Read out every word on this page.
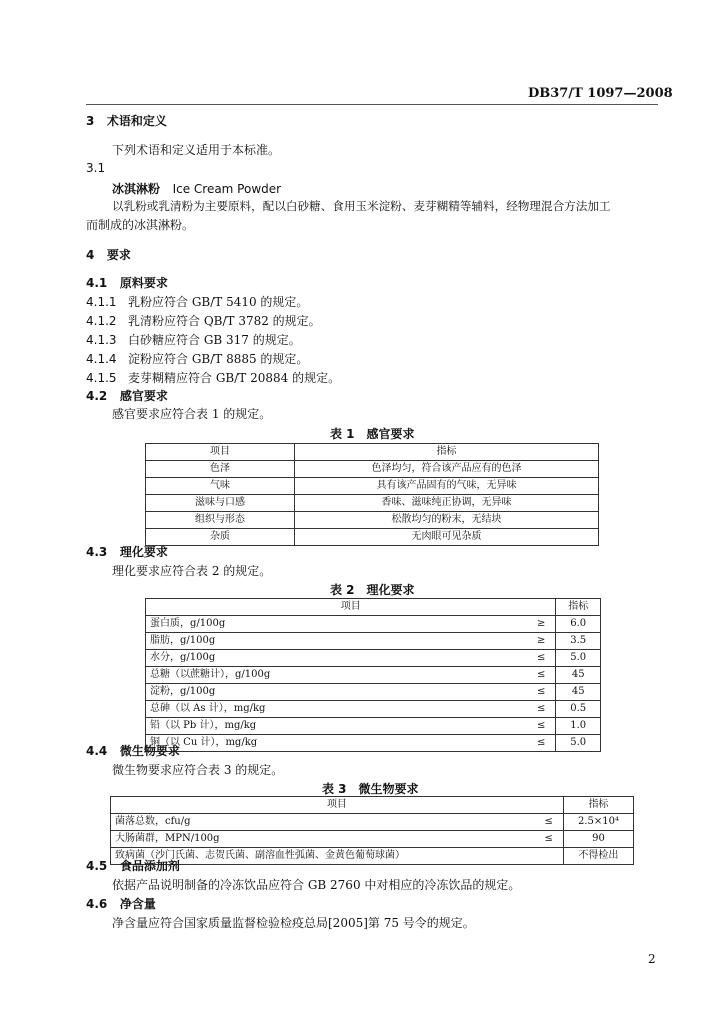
DB37/T 1097—2008
3 术语和定义
下列术语和定义适用于本标准。
3.1
冰淇淋粉 Ice Cream Powder
以乳粉或乳清粉为主要原料，配以白砂糖、食用玉米淀粉、麦芽糊精等辅料，经物理混合方法加工
而制成的冰淇淋粉。
4 要求
4.1 原料要求
4.1.1 乳粉应符合 GB/T 5410 的规定。
4.1.2 乳清粉应符合 QB/T 3782 的规定。
4.1.3 白砂糖应符合 GB 317 的规定。
4.1.4 淀粉应符合 GB/T 8885 的规定。
4.1.5 麦芽糊精应符合 GB/T 20884 的规定。
4.2 感官要求
感官要求应符合表 1 的规定。
表 1　感官要求
项目	指标
色泽	色泽均匀，符合该产品应有的色泽
气味	具有该产品固有的气味，无异味
滋味与口感	香味、滋味纯正协调，无异味
组织与形态	松散均匀的粉末，无结块
杂质	无肉眼可见杂质
4.3 理化要求
理化要求应符合表 2 的规定。
表 2　理化要求
项目		指标
蛋白质，g/100g	≥	6.0
脂肪，g/100g	≥	3.5
水分，g/100g	≤	5.0
总糖（以蔗糖计），g/100g	≤	45
淀粉，g/100g	≤	45
总砷（以 As 计），mg/kg	≤	0.5
铅（以 Pb 计），mg/kg	≤	1.0
铜（以 Cu 计），mg/kg	≤	5.0
4.4 微生物要求
微生物要求应符合表 3 的规定。
表 3　微生物要求
项目		指标
菌落总数，cfu/g	≤	2.5×10⁴
大肠菌群，MPN/100g	≤	90
致病菌（沙门氏菌、志贺氏菌、副溶血性弧菌、金黄色葡萄球菌）		不得检出
4.5 食品添加剂
依据产品说明制备的冷冻饮品应符合 GB 2760 中对相应的冷冻饮品的规定。
4.6 净含量
净含量应符合国家质量监督检验检疫总局[2005]第 75 号令的规定。
2
